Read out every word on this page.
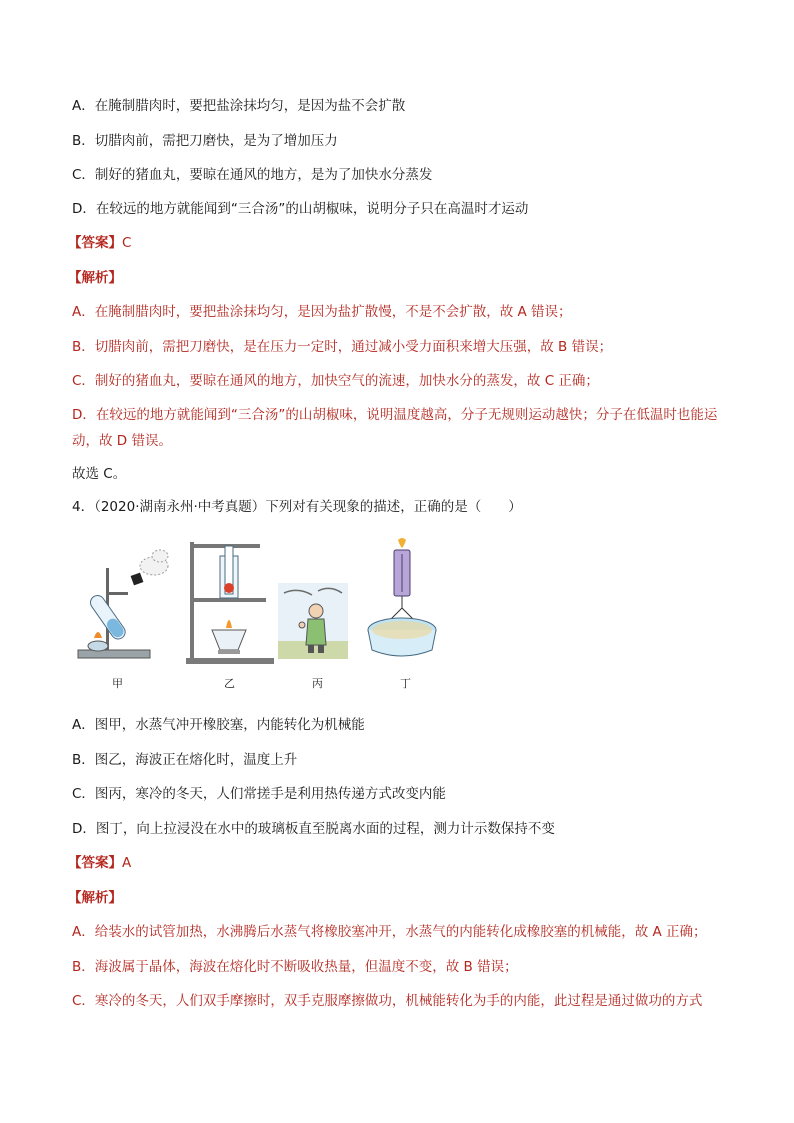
A．在腌制腊肉时，要把盐涂抹均匀，是因为盐不会扩散
B．切腊肉前，需把刀磨快，是为了增加压力
C．制好的猪血丸，要晾在通风的地方，是为了加快水分蒸发
D．在较远的地方就能闻到“三合汤”的山胡椒味，说明分子只在高温时才运动
【答案】C
【解析】
A．在腌制腊肉时，要把盐涂抹均匀，是因为盐扩散慢，不是不会扩散，故 A 错误；
B．切腊肉前，需把刀磨快，是在压力一定时，通过减小受力面积来增大压强，故 B 错误；
C．制好的猪血丸，要晾在通风的地方，加快空气的流速，加快水分的蒸发，故 C 正确；
D．在较远的地方就能闻到“三合汤”的山胡椒味，说明温度越高，分子无规则运动越快；分子在低温时也能运动，故 D 错误。
故选 C。
4．（2020·湖南永州·中考真题）下列对有关现象的描述，正确的是（　　）
甲	乙	丙	丁
A．图甲，水蒸气冲开橡胶塞，内能转化为机械能
B．图乙，海波正在熔化时，温度上升
C．图丙，寒冷的冬天，人们常搓手是利用热传递方式改变内能
D．图丁，向上拉浸没在水中的玻璃板直至脱离水面的过程，测力计示数保持不变
【答案】A
【解析】
A．给装水的试管加热，水沸腾后水蒸气将橡胶塞冲开，水蒸气的内能转化成橡胶塞的机械能，故 A 正确；
B．海波属于晶体，海波在熔化时不断吸收热量，但温度不变，故 B 错误；
C．寒冷的冬天，人们双手摩擦时，双手克服摩擦做功，机械能转化为手的内能，此过程是通过做功的方式
